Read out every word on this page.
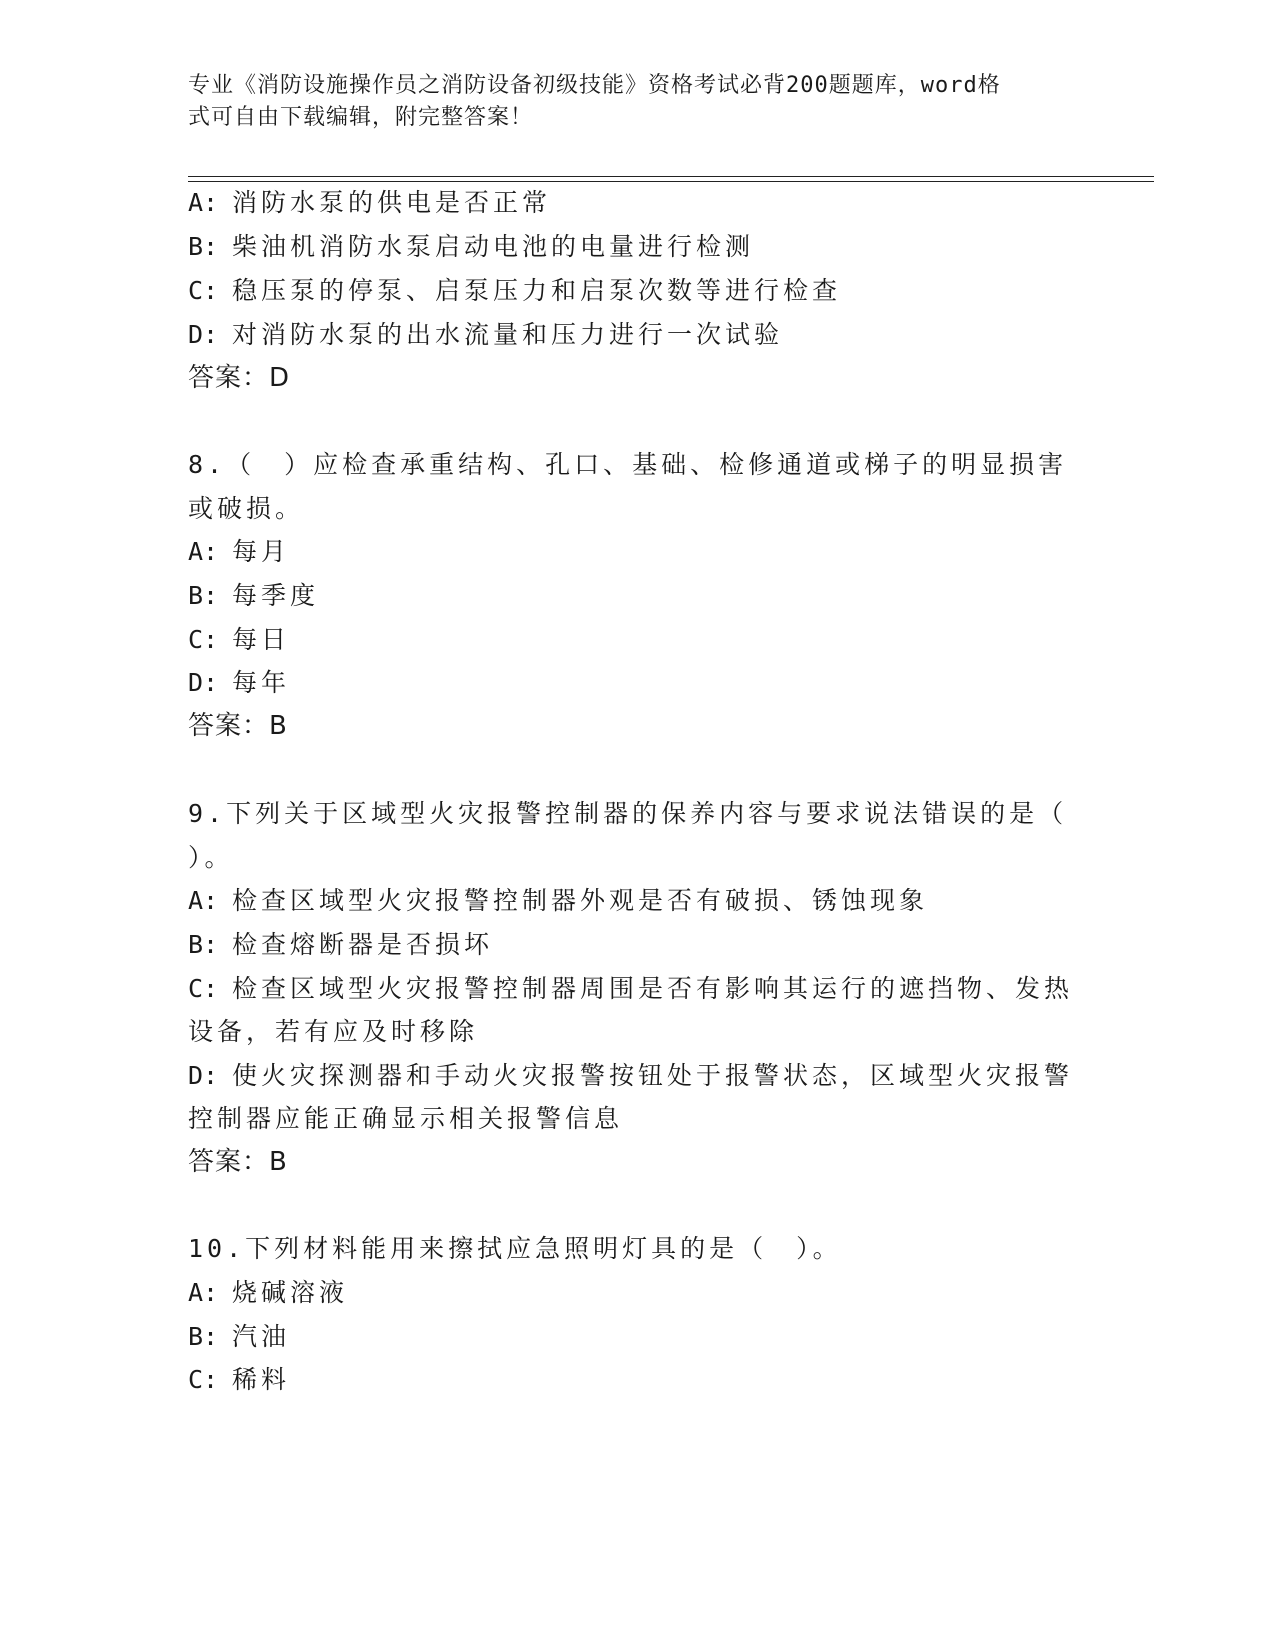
专业《消防设施操作员之消防设备初级技能》资格考试必背200题题库，word格
式可自由下载编辑，附完整答案！
A: 消防水泵的供电是否正常
B: 柴油机消防水泵启动电池的电量进行检测
C: 稳压泵的停泵、启泵压力和启泵次数等进行检查
D: 对消防水泵的出水流量和压力进行一次试验
答案：D
8.（　）应检查承重结构、孔口、基础、检修通道或梯子的明显损害
或破损。
A: 每月
B: 每季度
C: 每日
D: 每年
答案：B
9.下列关于区域型火灾报警控制器的保养内容与要求说法错误的是（
）。
A: 检查区域型火灾报警控制器外观是否有破损、锈蚀现象
B: 检查熔断器是否损坏
C: 检查区域型火灾报警控制器周围是否有影响其运行的遮挡物、发热
设备，若有应及时移除
D: 使火灾探测器和手动火灾报警按钮处于报警状态，区域型火灾报警
控制器应能正确显示相关报警信息
答案：B
10.下列材料能用来擦拭应急照明灯具的是（　）。
A: 烧碱溶液
B: 汽油
C: 稀料
